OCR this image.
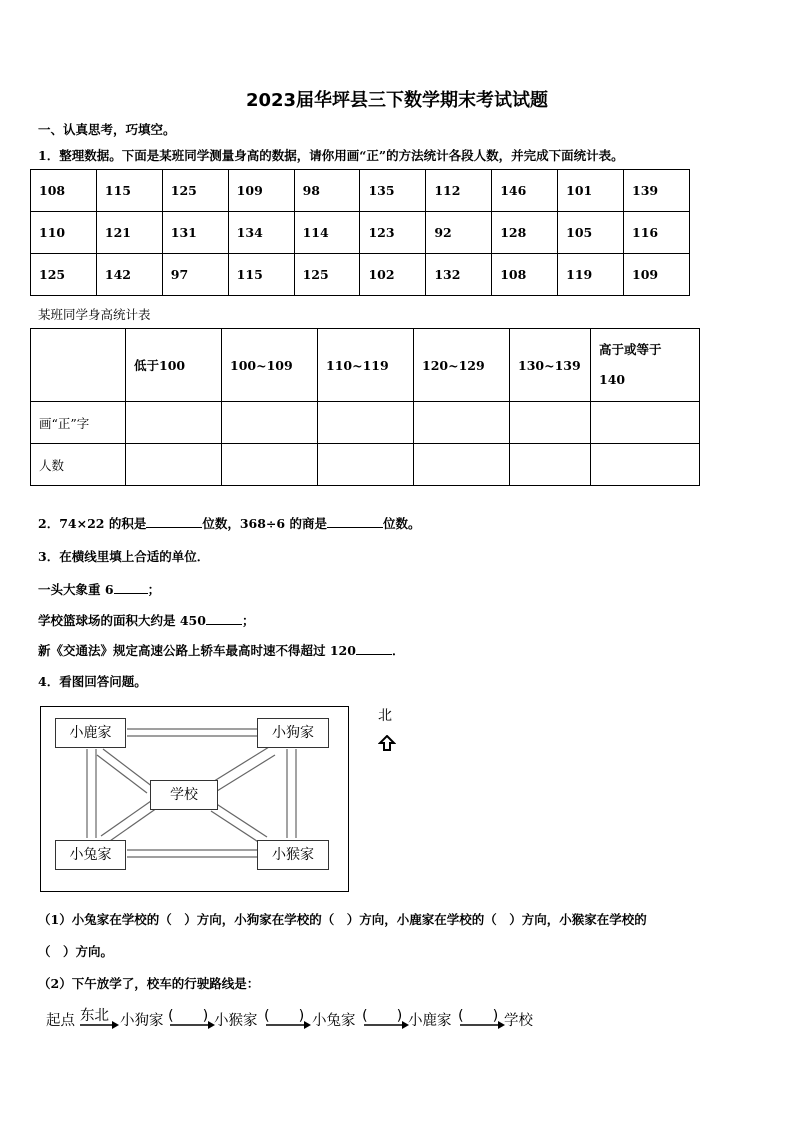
2023届华坪县三下数学期末考试试题
一、认真思考，巧填空。
1．整理数据。下面是某班同学测量身高的数据，请你用画“正”的方法统计各段人数，并完成下面统计表。
108	115	125	109	98	135	112	146	101	139
110	121	131	134	114	123	92	128	105	116
125	142	97	115	125	102	132	108	119	109
某班同学身高统计表
	低于100	100~109	110~119	120~129	130~139	高于或等于
140
画“正”字						
人数						
2．74×22 的积是	位数，368÷6 的商是	位数。
3．在横线里填上合适的单位．
一头大象重 6	；
学校篮球场的面积大约是 450	；
新《交通法》规定高速公路上轿车最高时速不得超过 120	．
4．看图回答问题。
小鹿家	小狗家
学校
小兔家	小猴家
北
（1）小兔家在学校的（　）方向，小狗家在学校的（　）方向，小鹿家在学校的（　）方向，小猴家在学校的
（　）方向。
（2）下午放学了，校车的行驶路线是：
起点 东北 小狗家 (　　) 小猴家 (　　) 小兔家 (　　) 小鹿家 (　　) 学校
